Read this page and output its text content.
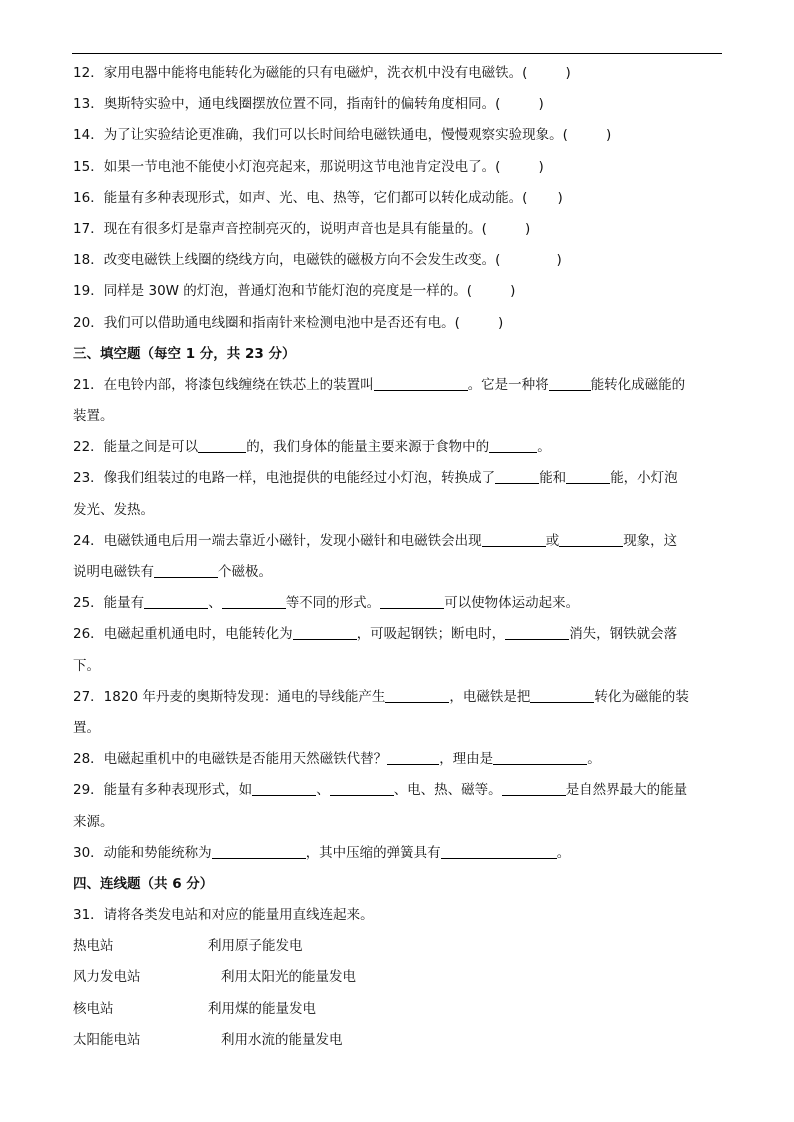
12．家用电器中能将电能转化为磁能的只有电磁炉，洗衣机中没有电磁铁。(	)
13．奥斯特实验中，通电线圈摆放位置不同，指南针的偏转角度相同。(	)
14．为了让实验结论更准确，我们可以长时间给电磁铁通电，慢慢观察实验现象。(	)
15．如果一节电池不能使小灯泡亮起来，那说明这节电池肯定没电了。(	)
16．能量有多种表现形式，如声、光、电、热等，它们都可以转化成动能。( )
17．现在有很多灯是靠声音控制亮灭的，说明声音也是具有能量的。(	)
18．改变电磁铁上线圈的绕线方向，电磁铁的磁极方向不会发生改变。(	)
19．同样是 30W 的灯泡，普通灯泡和节能灯泡的亮度是一样的。(	)
20．我们可以借助通电线圈和指南针来检测电池中是否还有电。(	)
三、填空题（每空 1 分，共 23 分）
21．在电铃内部，将漆包线缠绕在铁芯上的装置叫	。它是一种将	能转化成磁能的
装置。
22．能量之间是可以	的，我们身体的能量主要来源于食物中的	。
23．像我们组装过的电路一样，电池提供的电能经过小灯泡，转换成了	能和	能，小灯泡
发光、发热。
24．电磁铁通电后用一端去靠近小磁针，发现小磁针和电磁铁会出现	或	现象，这
说明电磁铁有	个磁极。
25．能量有	、	等不同的形式。	可以使物体运动起来。
26．电磁起重机通电时，电能转化为	，可吸起钢铁；断电时，	消失，钢铁就会落
下。
27．1820 年丹麦的奥斯特发现：通电的导线能产生	，电磁铁是把	转化为磁能的装
置。
28．电磁起重机中的电磁铁是否能用天然磁铁代替？	，理由是	。
29．能量有多种表现形式，如	、	、电、热、磁等。	是自然界最大的能量
来源。
30．动能和势能统称为	，其中压缩的弹簧具有	。
四、连线题（共 6 分）
31．请将各类发电站和对应的能量用直线连起来。
热电站	利用原子能发电
风力发电站	利用太阳光的能量发电
核电站	利用煤的能量发电
太阳能电站	利用水流的能量发电
